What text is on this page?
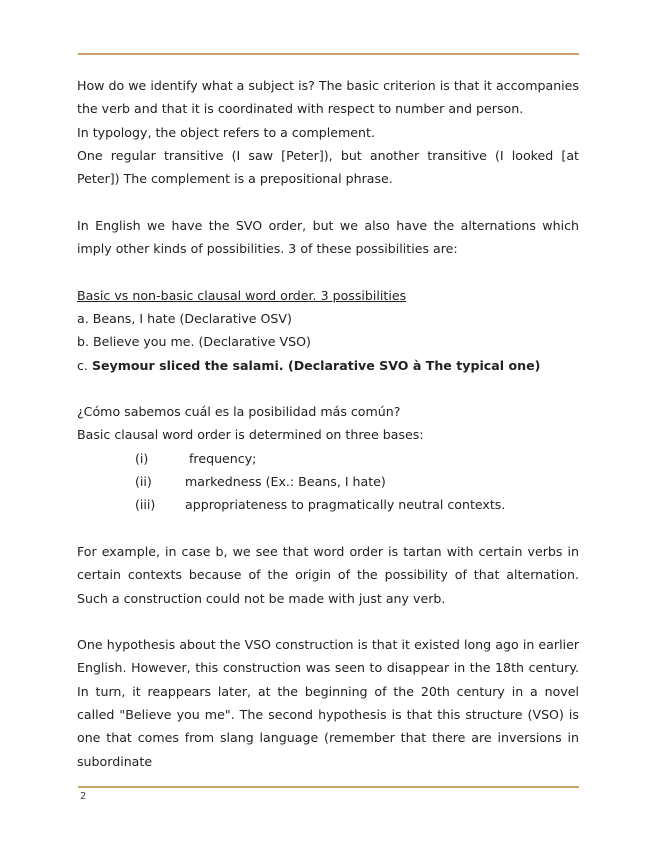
How do we identify what a subject is? The basic criterion is that it accompanies the verb and that it is coordinated with respect to number and person.

In typology, the object refers to a complement.

One regular transitive (I saw [Peter]), but another transitive (I looked [at Peter]) The complement is a prepositional phrase.

In English we have the SVO order, but we also have the alternations which imply other kinds of possibilities. 3 of these possibilities are:

Basic vs non-basic clausal word order. 3 possibilities

a. Beans, I hate (Declarative OSV)

b. Believe you me. (Declarative VSO)

c. Seymour sliced the salami. (Declarative SVO à The typical one)

¿Cómo sabemos cuál es la posibilidad más común?

Basic clausal word order is determined on three bases:

(i)	frequency;
(ii)	markedness (Ex.: Beans, I hate)
(iii)	appropriateness to pragmatically neutral contexts.

For example, in case b, we see that word order is tartan with certain verbs in certain contexts because of the origin of the possibility of that alternation. Such a construction could not be made with just any verb.

One hypothesis about the VSO construction is that it existed long ago in earlier English. However, this construction was seen to disappear in the 18th century. In turn, it reappears later, at the beginning of the 20th century in a novel called "Believe you me". The second hypothesis is that this structure (VSO) is one that comes from slang language (remember that there are inversions in subordinate

2
